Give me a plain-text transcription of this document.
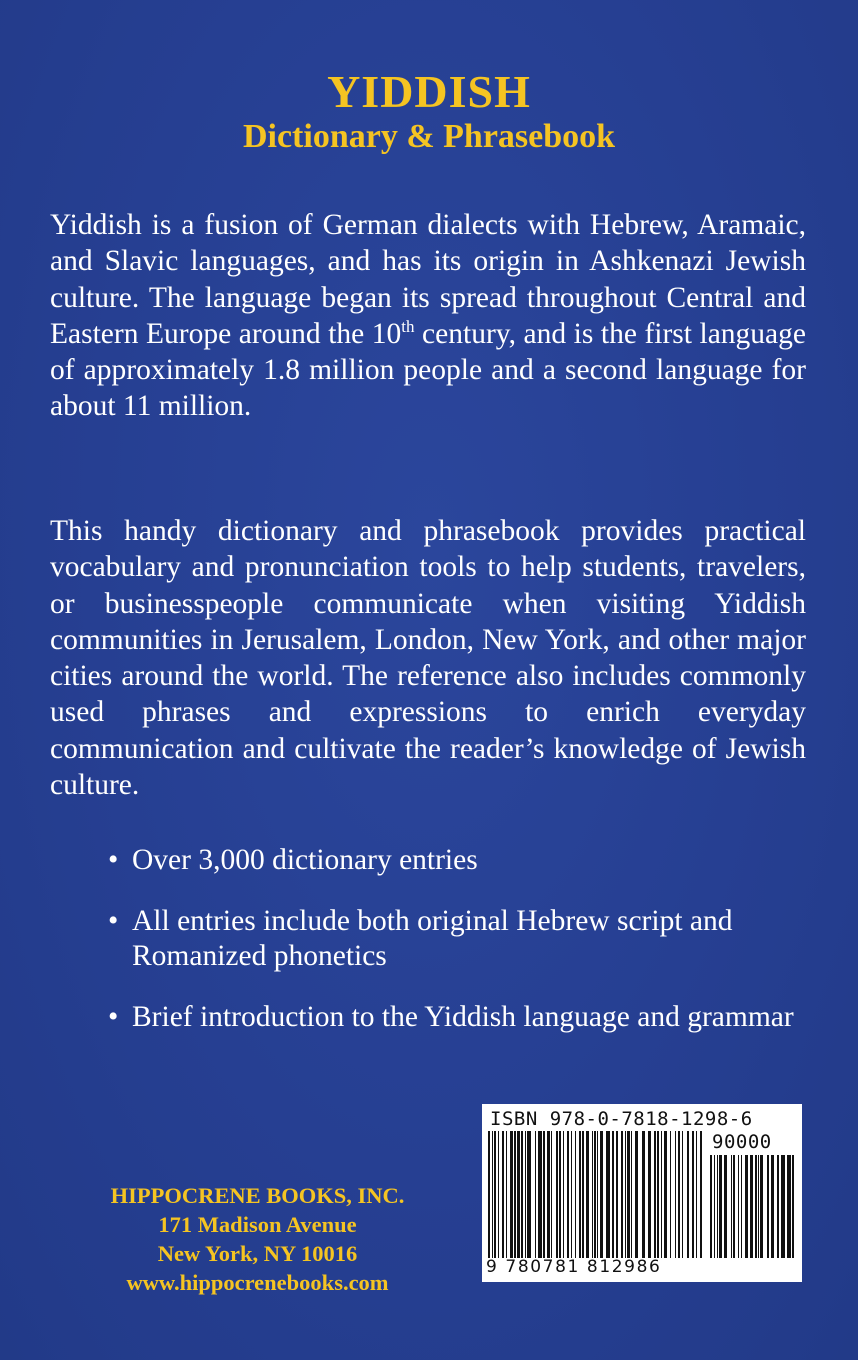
YIDDISH
Dictionary & Phrasebook

Yiddish is a fusion of German dialects with Hebrew, Aramaic, and Slavic languages, and has its origin in Ashkenazi Jewish culture. The language began its spread throughout Central and Eastern Europe around the 10th century, and is the first language of approximately 1.8 million people and a second language for about 11 million.

This handy dictionary and phrasebook provides practical vocabulary and pronunciation tools to help students, travelers, or businesspeople communicate when visiting Yiddish communities in Jerusalem, London, New York, and other major cities around the world. The reference also includes commonly used phrases and expressions to enrich everyday communication and cultivate the reader’s knowledge of Jewish culture.

• Over 3,000 dictionary entries
• All entries include both original Hebrew script and Romanized phonetics
• Brief introduction to the Yiddish language and grammar
HIPPOCRENE BOOKS, INC.
171 Madison Avenue
New York, NY 10016
www.hippocrenebooks.com
ISBN 978-0-7818-1298-6
90000
9 780781 812986
